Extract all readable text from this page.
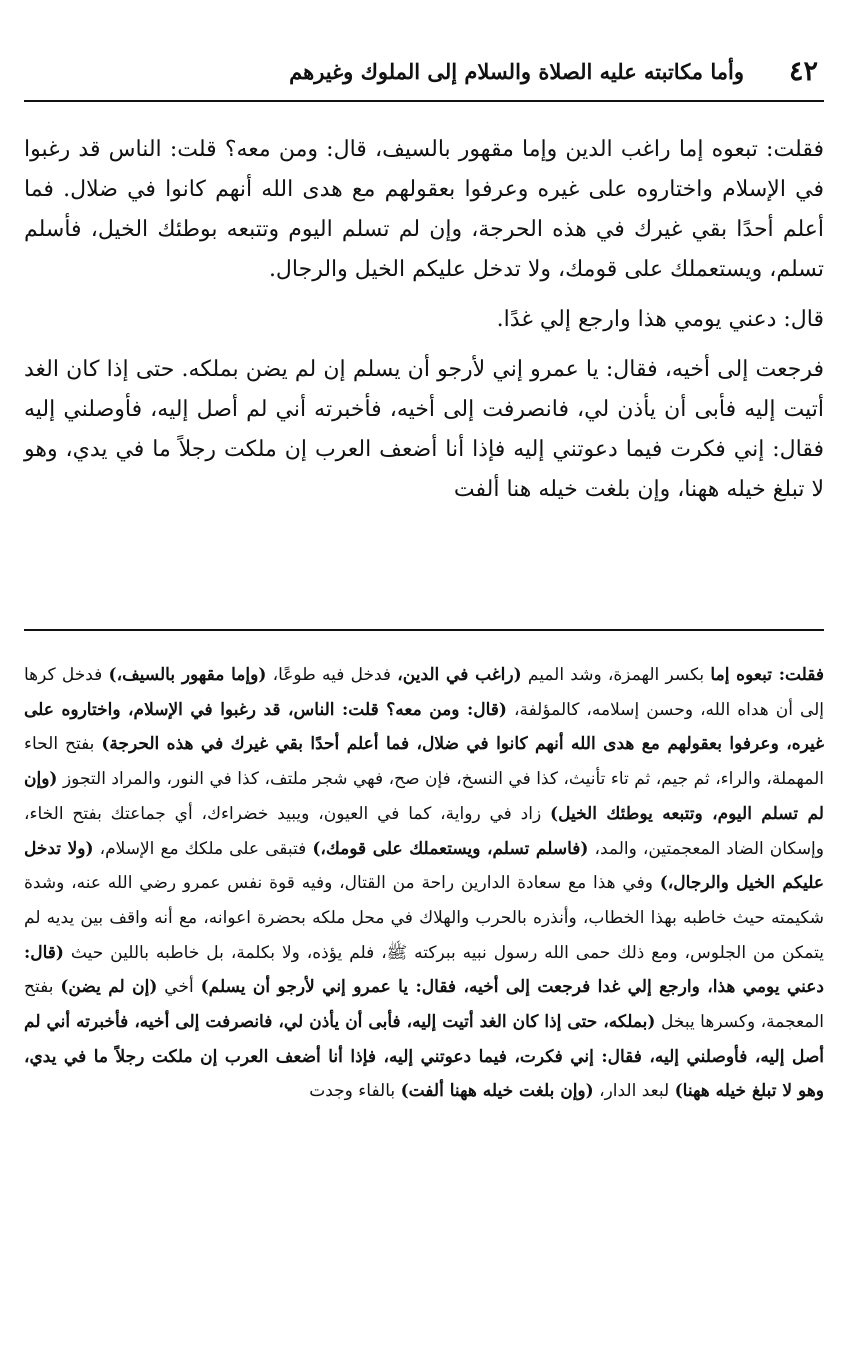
٤٢
وأما مكاتبته عليه الصلاة والسلام إلى الملوك وغيرهم

فقلت: تبعوه إما راغب الدين وإما مقهور بالسيف، قال: ومن معه؟ قلت: الناس قد رغبوا في الإسلام واختاروه على غيره وعرفوا بعقولهم مع هدى الله أنهم كانوا في ضلال. فما أعلم أحدًا بقي غيرك في هذه الحرجة، وإن لم تسلم اليوم وتتبعه بوطئك الخيل، فأسلم تسلم، ويستعملك على قومك، ولا تدخل عليكم الخيل والرجال.

قال: دعني يومي هذا وارجع إلي غدًا.

فرجعت إلى أخيه، فقال: يا عمرو إني لأرجو أن يسلم إن لم يضن بملكه. حتى إذا كان الغد أتيت إليه فأبى أن يأذن لي، فانصرفت إلى أخيه، فأخبرته أني لم أصل إليه، فأوصلني إليه فقال: إني فكرت فيما دعوتني إليه فإذا أنا أضعف العرب إن ملكت رجلاً ما في يدي، وهو لا تبلغ خيله ههنا، وإن بلغت خيله هنا ألفت

فقلت: تبعوه إما بكسر الهمزة، وشد الميم (راغب في الدين، فدخل فيه طوعًا، (وإما مقهور بالسيف،) فدخل كرها إلى أن هداه الله، وحسن إسلامه، كالمؤلفة، (قال: ومن معه؟ قلت: الناس، قد رغبوا في الإسلام، واختاروه على غيره، وعرفوا بعقولهم مع هدى الله أنهم كانوا في ضلال، فما أعلم أحدًا بقي غيرك في هذه الحرجة) بفتح الحاء المهملة، والراء، ثم جيم، ثم تاء تأنيث، كذا في النسخ، فإن صح، فهي شجر ملتف، كذا في النور، والمراد التجوز (وإن لم تسلم اليوم، وتتبعه يوطئك الخيل) زاد في رواية، كما في العيون، ويبيد خضراءك، أي جماعتك بفتح الخاء، وإسكان الضاد المعجمتين، والمد، (فاسلم تسلم، ويستعملك على قومك،) فتبقى على ملكك مع الإسلام، (ولا تدخل عليكم الخيل والرجال،) وفي هذا مع سعادة الدارين راحة من القتال، وفيه قوة نفس عمرو رضي الله عنه، وشدة شكيمته حيث خاطبه بهذا الخطاب، وأنذره بالحرب والهلاك في محل ملكه بحضرة اعوانه، مع أنه واقف بين يديه لم يتمكن من الجلوس، ومع ذلك حمى الله رسول نبيه ببركته ﷺ، فلم يؤذه، ولا بكلمة، بل خاطبه باللين حيث (قال: دعني يومي هذا، وارجع إلي غدا فرجعت إلى أخيه، فقال: يا عمرو إني لأرجو أن يسلم) أخي (إن لم يضن) بفتح المعجمة، وكسرها يبخل (بملكه، حتى إذا كان الغد أتيت إليه، فأبى أن يأذن لي، فانصرفت إلى أخيه، فأخبرته أني لم أصل إليه، فأوصلني إليه، فقال: إني فكرت، فيما دعوتني إليه، فإذا أنا أضعف العرب إن ملكت رجلاً ما في يدي، وهو لا تبلغ خيله ههنا) لبعد الدار، (وإن بلغت خيله ههنا ألفت) بالفاء وجدت
